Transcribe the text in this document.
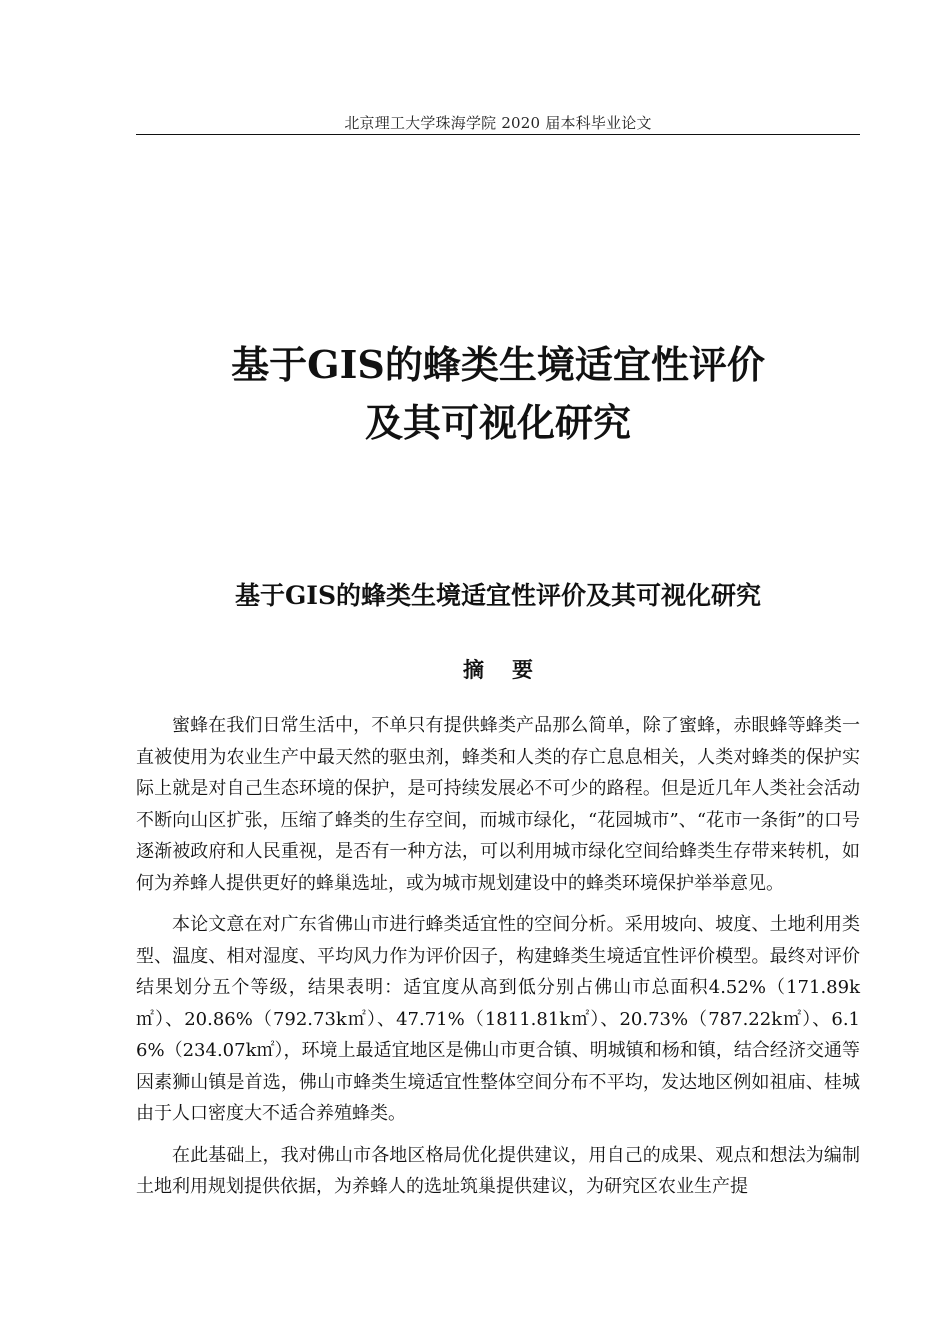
北京理工大学珠海学院 2020 届本科毕业论文
基于GIS的蜂类生境适宜性评价
及其可视化研究
基于GIS的蜂类生境适宜性评价及其可视化研究
摘要

蜜蜂在我们日常生活中，不单只有提供蜂类产品那么简单，除了蜜蜂，赤眼蜂等蜂类一直被使用为农业生产中最天然的驱虫剂，蜂类和人类的存亡息息相关，人类对蜂类的保护实际上就是对自己生态环境的保护，是可持续发展必不可少的路程。但是近几年人类社会活动不断向山区扩张，压缩了蜂类的生存空间，而城市绿化，“花园城市”、“花市一条街”的口号逐渐被政府和人民重视，是否有一种方法，可以利用城市绿化空间给蜂类生存带来转机，如何为养蜂人提供更好的蜂巢选址，或为城市规划建设中的蜂类环境保护举举意见。

本论文意在对广东省佛山市进行蜂类适宜性的空间分析。采用坡向、坡度、土地利用类型、温度、相对湿度、平均风力作为评价因子，构建蜂类生境适宜性评价模型。最终对评价结果划分五个等级，结果表明：适宜度从高到低分别占佛山市总面积4.52%（171.89k㎡）、20.86%（792.73k㎡）、47.71%（1811.81k㎡）、20.73%（787.22k㎡）、6.16%（234.07k㎡），环境上最适宜地区是佛山市更合镇、明城镇和杨和镇，结合经济交通等因素狮山镇是首选，佛山市蜂类生境适宜性整体空间分布不平均，发达地区例如祖庙、桂城由于人口密度大不适合养殖蜂类。

在此基础上，我对佛山市各地区格局优化提供建议，用自己的成果、观点和想法为编制土地利用规划提供依据，为养蜂人的选址筑巢提供建议，为研究区农业生产提
